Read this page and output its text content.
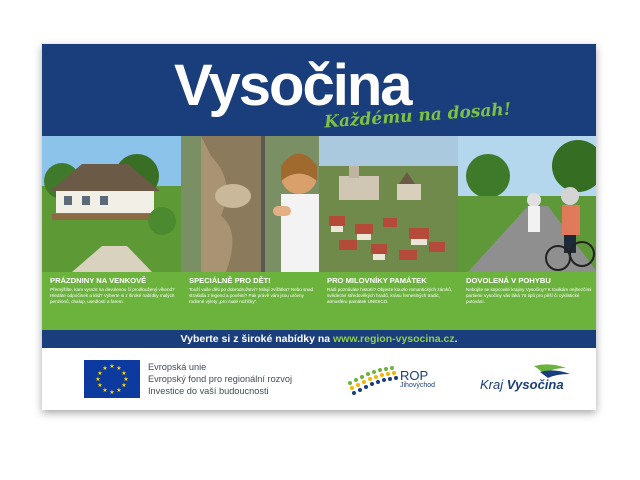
Vysočina
Každému na dosah!
PRÁZDNINY NA VENKOVĚ

Přemýšlíte, kam vyrazit na devolenou či prodloužený víkend? Hledáte odpočinek a klid? Vyberte si z široké nabídky malých penzionů, chalup, usedlostí a farem.

SPECIÁLNĚ PRO DĚTI

Touží vaše děti po dobrodružství? Milují zvířátka? Nebo snad strašidla z legend a pověstí? Pak právě vám jsou určeny rodinné výlety „pro malé nožičky“.

PRO MILOVNÍKY PAMÁTEK

Rádi poznáváte historii? Objevte kouzlo romantických zámků, svědectví středověkých hradů, krásu řemeslných tradic, atmosféru památek UNESCO.

DOVOLENÁ V POHYBU

Nebojíte se kopcovité krajiny Vysočiny? K toulkám nejhezčími partiemi Vysočiny vás láká 70 tipů pro pěší či cyklistické putování.

Vyberte si z široké nabídky na www.region-vysocina.cz.
★ ★
★
★
★
★
★
★
★
★
★
★	Evropská unie
Evropský fond pro regionální rozvoj
Investice do vaší budoucnosti
ROP
Jihovýchod	Kraj Vysočina
